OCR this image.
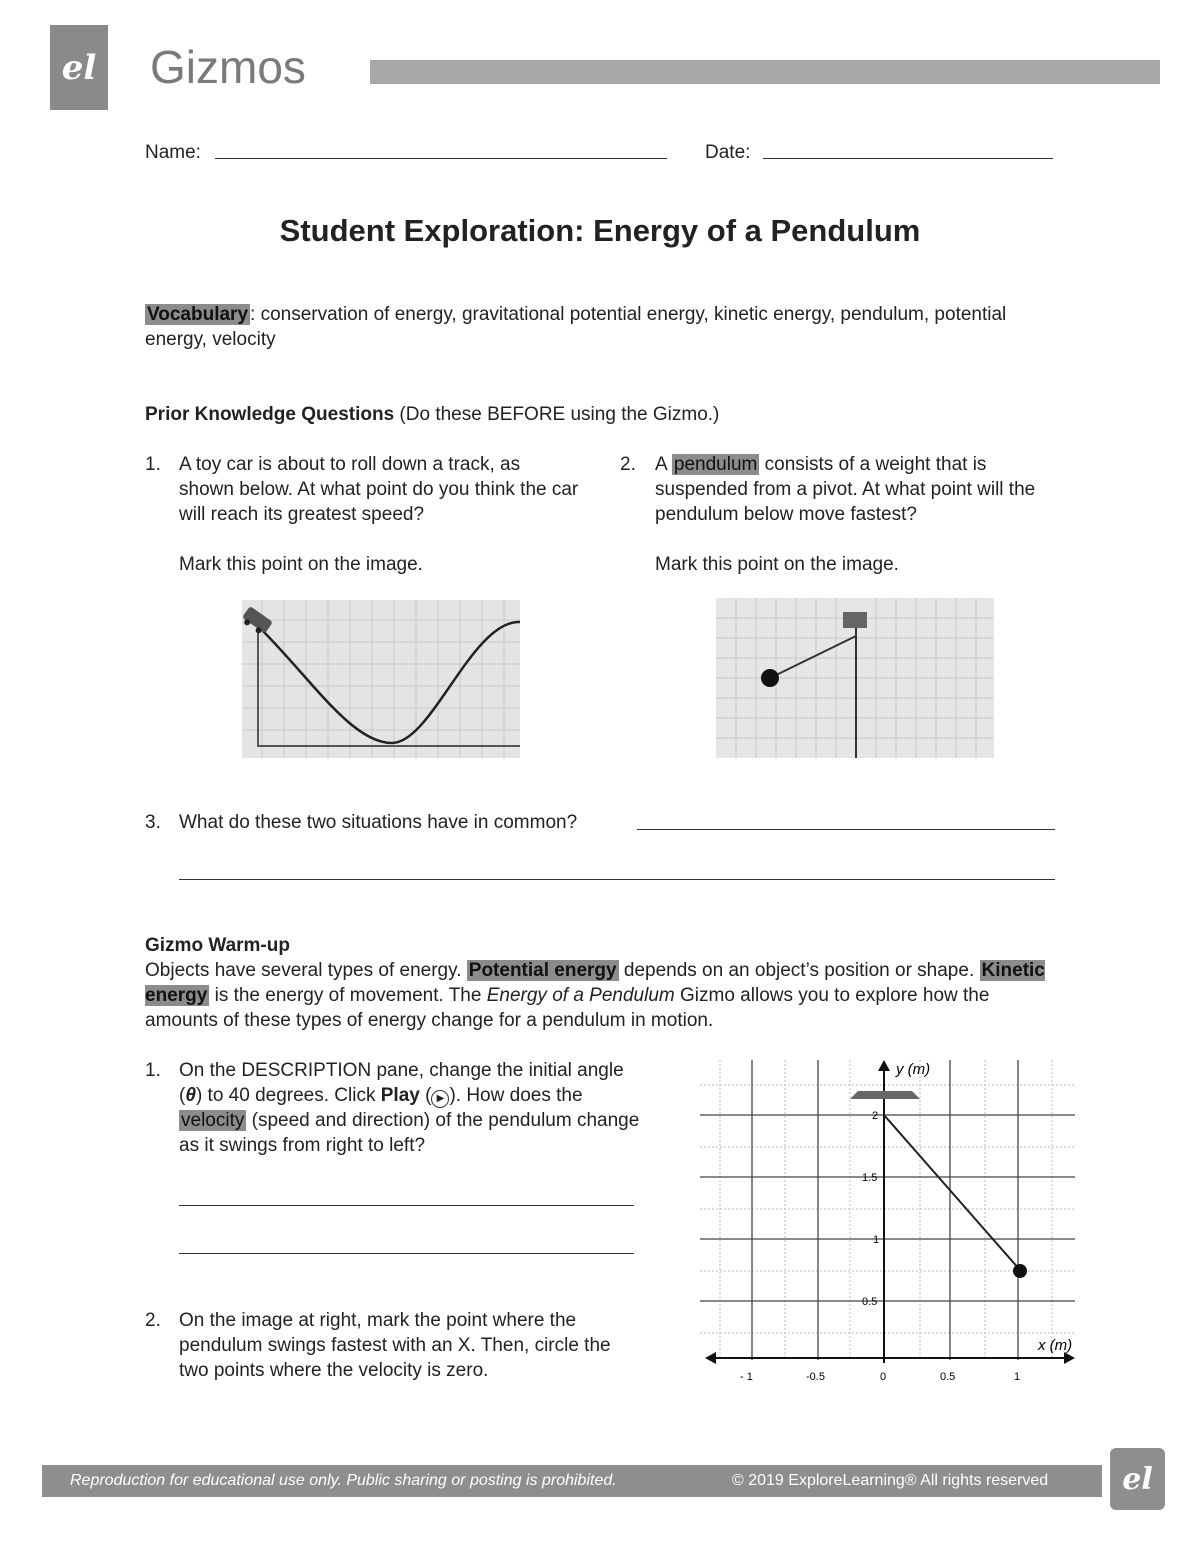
el Gizmos
Name:	Date:
Student Exploration: Energy of a Pendulum
Vocabulary : conservation of energy, gravitational potential energy, kinetic energy, pendulum, potential energy, velocity
Prior Knowledge Questions (Do these BEFORE using the Gizmo.)
1. A toy car is about to roll down a track, as shown below. At what point do you think the car will reach its greatest speed?
Mark this point on the image.
2. A pendulum consists of a weight that is suspended from a pivot. At what point will the pendulum below move fastest?
Mark this point on the image.
3. What do these two situations have in common?
Gizmo Warm-up
Objects have several types of energy. Potential energy depends on an object’s position or shape. Kinetic energy is the energy of movement. The Energy of a Pendulum Gizmo allows you to explore how the amounts of these types of energy change for a pendulum in motion.
1. On the DESCRIPTION pane, change the initial angle (θ) to 40 degrees. Click Play ( ▶ ). How does the velocity (speed and direction) of the pendulum change as it swings from right to left?
2. On the image at right, mark the point where the pendulum swings fastest with an X. Then, circle the two points where the velocity is zero.
y (m)
x (m)
- 1	-0.5	0	0.5	1
2
1.5
1
0.5
Reproduction for educational use only. Public sharing or posting is prohibited.	© 2019 ExploreLearning® All rights reserved	el
